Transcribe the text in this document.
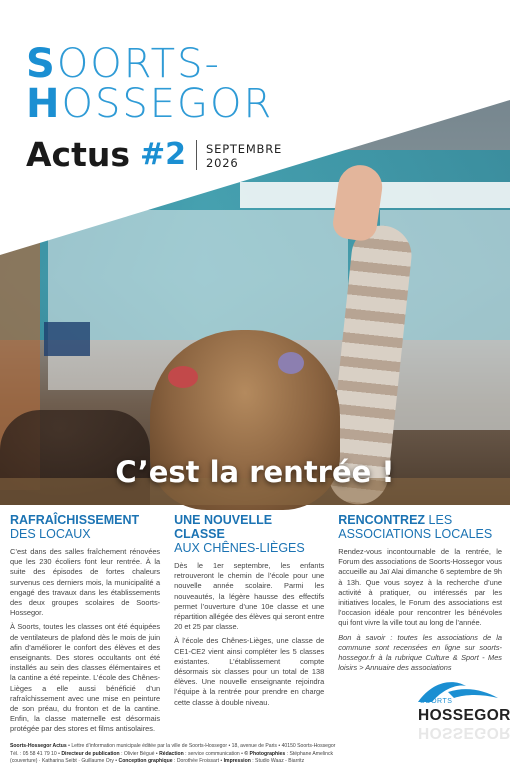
SOORTS-
HOSSEGOR
Actus #2 SEPTEMBRE
2026
C’est la rentrée !
RAFRAÎCHISSEMENT
DES LOCAUX

C’est dans des salles fraîchement rénovées que les 230 écoliers font leur rentrée. À la suite des épisodes de fortes chaleurs survenus ces derniers mois, la municipalité a engagé des travaux dans les établissements des deux groupes scolaires de Soorts-Hossegor.

À Soorts, toutes les classes ont été équipées de ventilateurs de plafond dès le mois de juin afin d’améliorer le confort des élèves et des enseignants. Des stores occultants ont été installés au sein des classes élémentaires et la cantine a été repeinte. L’école des Chênes-Lièges a elle aussi bénéficié d’un rafraîchissement avec une mise en peinture de son préau, du fronton et de la cantine. Enfin, la classe maternelle est désormais protégée par des stores et films antisolaires.

UNE NOUVELLE CLASSE
AUX CHÊNES-LIÈGES

Dès le 1er septembre, les enfants retrouveront le chemin de l’école pour une nouvelle année scolaire. Parmi les nouveautés, la légère hausse des effectifs permet l’ouverture d’une 10e classe et une répartition allégée des élèves qui seront entre 20 et 25 par classe.

À l’école des Chênes-Lièges, une classe de CE1-CE2 vient ainsi compléter les 5 classes existantes. L’établissement compte désormais six classes pour un total de 138 élèves. Une nouvelle enseignante rejoindra l’équipe à la rentrée pour prendre en charge cette classe à double niveau.

RENCONTREZ LES
ASSOCIATIONS LOCALES

Rendez-vous incontournable de la rentrée, le Forum des associations de Soorts-Hossegor vous accueille au Jaï Alai dimanche 6 septembre de 9h à 13h. Que vous soyez à la recherche d’une activité à pratiquer, ou intéressés par les initiatives locales, le Forum des associations est l’occasion idéale pour rencontrer les bénévoles qui font vivre la ville tout au long de l’année.

Bon à savoir : toutes les associations de la commune sont recensées en ligne sur soorts-hossegor.fr à la rubrique Culture & Sport - Mes loisirs > Annuaire des associations

SOORTS
HOSSEGOR
HOSSEGOR
Soorts-Hossegor Actus • Lettre d’information municipale éditée par la ville de Soorts-Hossegor • 18, avenue de Paris • 40150 Soorts-Hossegor
Tél. : 05 58 41 79 10 • Directeur de publication : Olivier Bégué • Rédaction : service communication • © Photographies : Stéphane Amelinck
(couverture) · Katharina Seibt · Guillaume Ory • Conception graphique : Dorothée Froissart • Impression : Studio Waaz - Biarritz
